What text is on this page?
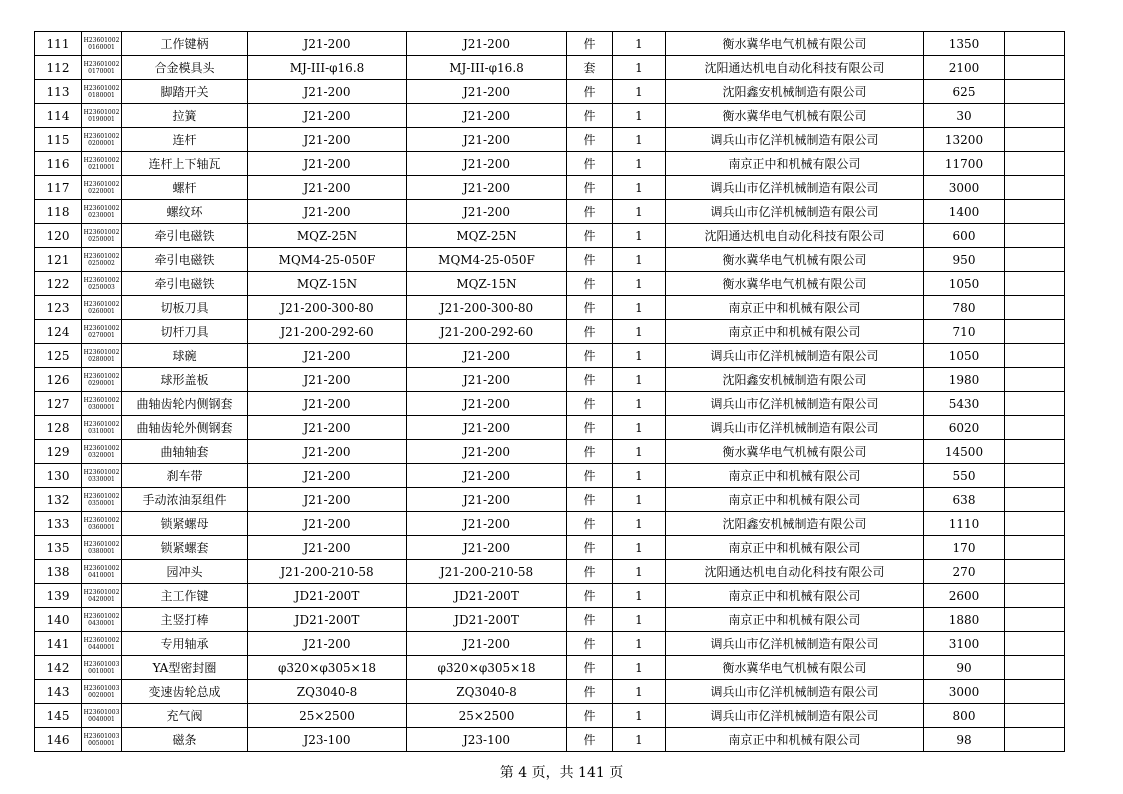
111	H23601002 0160001	工作键柄	J21-200	J21-200	件	1	衡水冀华电气机械有限公司	1350	
112	H23601002 0170001	合金模具头	MJ-III-φ16.8	MJ-III-φ16.8	套	1	沈阳通达机电自动化科技有限公司	2100	
113	H23601002 0180001	脚踏开关	J21-200	J21-200	件	1	沈阳鑫安机械制造有限公司	625	
114	H23601002 0190001	拉簧	J21-200	J21-200	件	1	衡水冀华电气机械有限公司	30	
115	H23601002 0200001	连杆	J21-200	J21-200	件	1	调兵山市亿洋机械制造有限公司	13200	
116	H23601002 0210001	连杆上下轴瓦	J21-200	J21-200	件	1	南京正中和机械有限公司	11700	
117	H23601002 0220001	螺杆	J21-200	J21-200	件	1	调兵山市亿洋机械制造有限公司	3000	
118	H23601002 0230001	螺纹环	J21-200	J21-200	件	1	调兵山市亿洋机械制造有限公司	1400	
120	H23601002 0250001	牵引电磁铁	MQZ-25N	MQZ-25N	件	1	沈阳通达机电自动化科技有限公司	600	
121	H23601002 0250002	牵引电磁铁	MQM4-25-050F	MQM4-25-050F	件	1	衡水冀华电气机械有限公司	950	
122	H23601002 0250003	牵引电磁铁	MQZ-15N	MQZ-15N	件	1	衡水冀华电气机械有限公司	1050	
123	H23601002 0260001	切板刀具	J21-200-300-80	J21-200-300-80	件	1	南京正中和机械有限公司	780	
124	H23601002 0270001	切杆刀具	J21-200-292-60	J21-200-292-60	件	1	南京正中和机械有限公司	710	
125	H23601002 0280001	球碗	J21-200	J21-200	件	1	调兵山市亿洋机械制造有限公司	1050	
126	H23601002 0290001	球形盖板	J21-200	J21-200	件	1	沈阳鑫安机械制造有限公司	1980	
127	H23601002 0300001	曲轴齿轮内侧钢套	J21-200	J21-200	件	1	调兵山市亿洋机械制造有限公司	5430	
128	H23601002 0310001	曲轴齿轮外侧钢套	J21-200	J21-200	件	1	调兵山市亿洋机械制造有限公司	6020	
129	H23601002 0320001	曲轴轴套	J21-200	J21-200	件	1	衡水冀华电气机械有限公司	14500	
130	H23601002 0330001	刹车带	J21-200	J21-200	件	1	南京正中和机械有限公司	550	
132	H23601002 0350001	手动浓油泵组件	J21-200	J21-200	件	1	南京正中和机械有限公司	638	
133	H23601002 0360001	锁紧螺母	J21-200	J21-200	件	1	沈阳鑫安机械制造有限公司	1110	
135	H23601002 0380001	锁紧螺套	J21-200	J21-200	件	1	南京正中和机械有限公司	170	
138	H23601002 0410001	园冲头	J21-200-210-58	J21-200-210-58	件	1	沈阳通达机电自动化科技有限公司	270	
139	H23601002 0420001	主工作键	JD21-200T	JD21-200T	件	1	南京正中和机械有限公司	2600	
140	H23601002 0430001	主竖打棒	JD21-200T	JD21-200T	件	1	南京正中和机械有限公司	1880	
141	H23601002 0440001	专用轴承	J21-200	J21-200	件	1	调兵山市亿洋机械制造有限公司	3100	
142	H23601003 0010001	YA型密封圈	φ320×φ305×18	φ320×φ305×18	件	1	衡水冀华电气机械有限公司	90	
143	H23601003 0020001	变速齿轮总成	ZQ3040-8	ZQ3040-8	件	1	调兵山市亿洋机械制造有限公司	3000	
145	H23601003 0040001	充气阀	25×2500	25×2500	件	1	调兵山市亿洋机械制造有限公司	800	
146	H23601003 0050001	磁条	J23-100	J23-100	件	1	南京正中和机械有限公司	98	
第 4 页，共 141 页
